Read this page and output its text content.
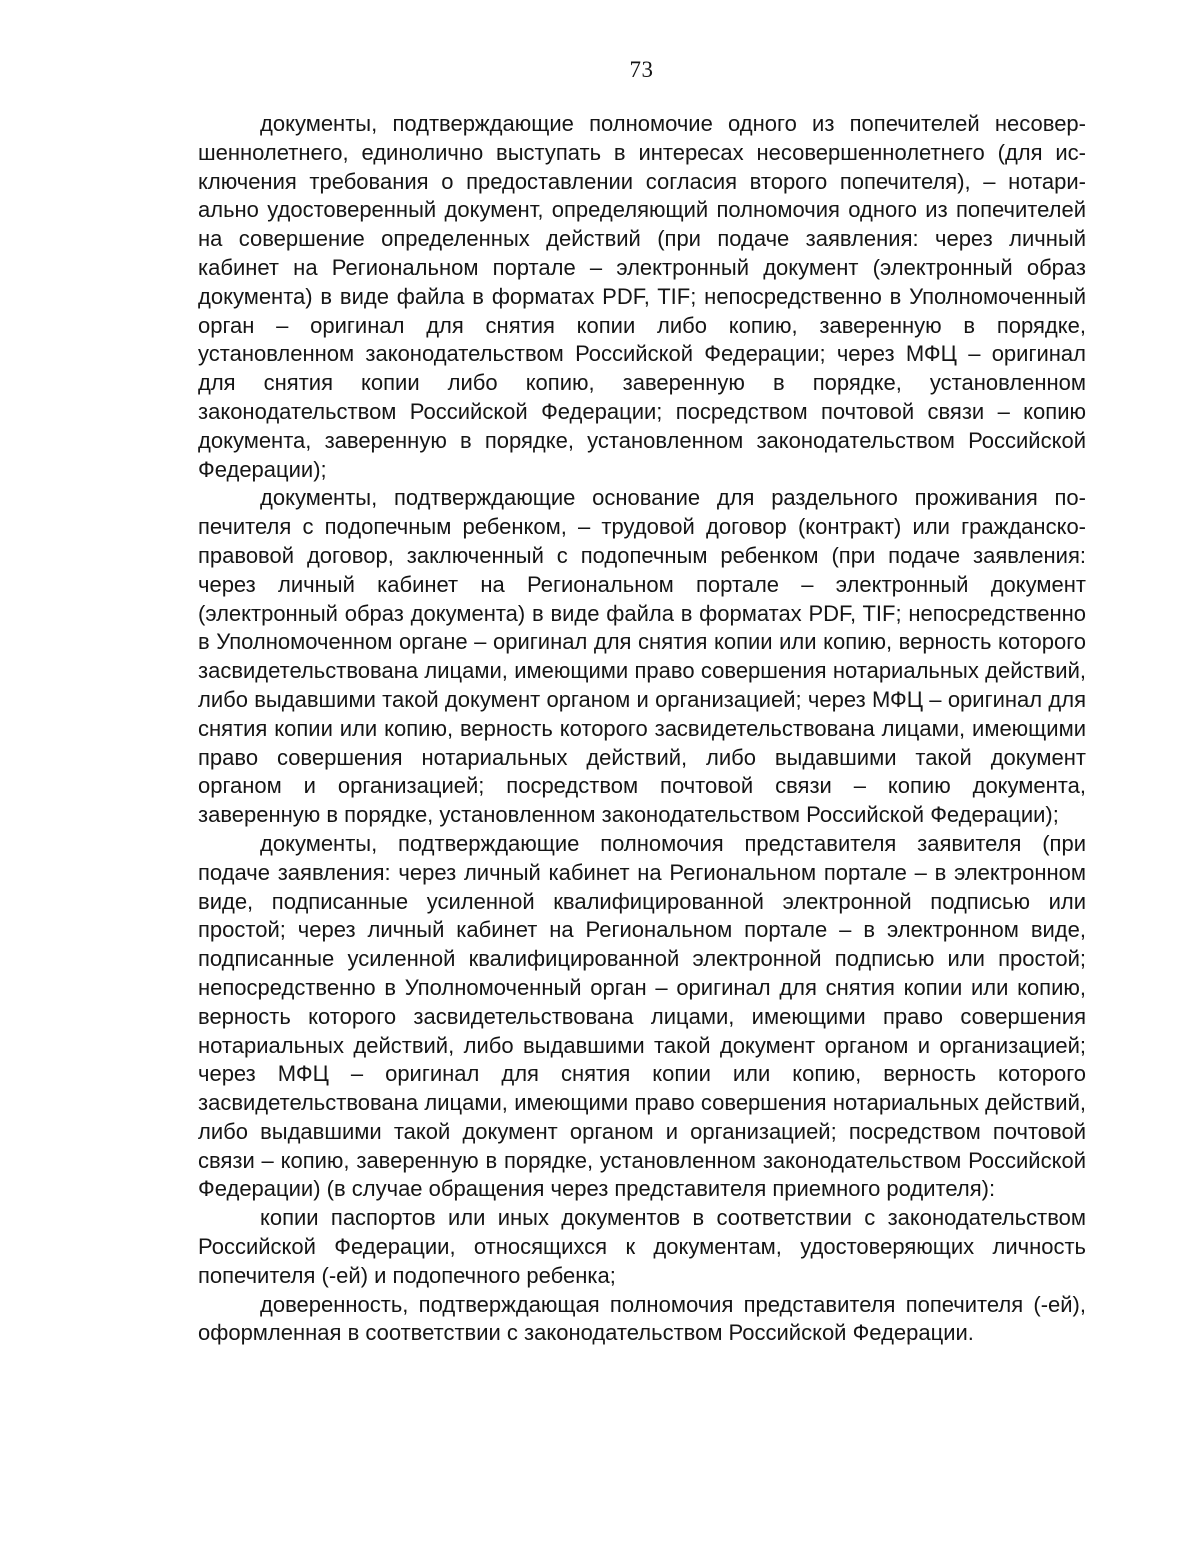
73

документы, подтверждающие полномочие одного из попечителей несовершеннолетнего, единолично выступать в интересах несовершеннолетнего (для исключения требования о предоставлении согласия второго попечителя), – нотариально удостоверенный документ, определяющий полномочия одного из попечителей на совершение определенных действий (при подаче заявления: через личный кабинет на Региональном портале – электронный документ (электронный образ документа) в виде файла в форматах PDF, TIF; непосредственно в Уполномоченный орган – оригинал для снятия копии либо копию, заверенную в порядке, установленном законодательством Российской Федерации; через МФЦ – оригинал для снятия копии либо копию, заверенную в порядке, установленном законодательством Российской Федерации; посредством почтовой связи – копию документа, заверенную в порядке, установленном законодательством Российской Федерации);

документы, подтверждающие основание для раздельного проживания попечителя с подопечным ребенком, – трудовой договор (контракт) или гражданско-правовой договор, заключенный с подопечным ребенком (при подаче заявления: через личный кабинет на Региональном портале – электронный документ (электронный образ документа) в виде файла в форматах PDF, TIF; непосредственно в Уполномоченном органе – оригинал для снятия копии или копию, верность которого засвидетельствована лицами, имеющими право совершения нотариальных действий, либо выдавшими такой документ органом и организацией; через МФЦ – оригинал для снятия копии или копию, верность которого засвидетельствована лицами, имеющими право совершения нотариальных действий, либо выдавшими такой документ органом и организацией; посредством почтовой связи – копию документа, заверенную в порядке, установленном законодательством Российской Федерации);

документы, подтверждающие полномочия представителя заявителя (при подаче заявления: через личный кабинет на Региональном портале – в электронном виде, подписанные усиленной квалифицированной электронной подписью или простой; через личный кабинет на Региональном портале – в электронном виде, подписанные усиленной квалифицированной электронной подписью или простой; непосредственно в Уполномоченный орган – оригинал для снятия копии или копию, верность которого засвидетельствована лицами, имеющими право совершения нотариальных действий, либо выдавшими такой документ органом и организацией; через МФЦ – оригинал для снятия копии или копию, верность которого засвидетельствована лицами, имеющими право совершения нотариальных действий, либо выдавшими такой документ органом и организацией; посредством почтовой связи – копию, заверенную в порядке, установленном законодательством Российской Федерации) (в случае обращения через представителя приемного родителя):

копии паспортов или иных документов в соответствии с законодательством Российской Федерации, относящихся к документам, удостоверяющих личность попечителя (-ей) и подопечного ребенка;

доверенность, подтверждающая полномочия представителя попечителя (-ей), оформленная в соответствии с законодательством Российской Федерации.
